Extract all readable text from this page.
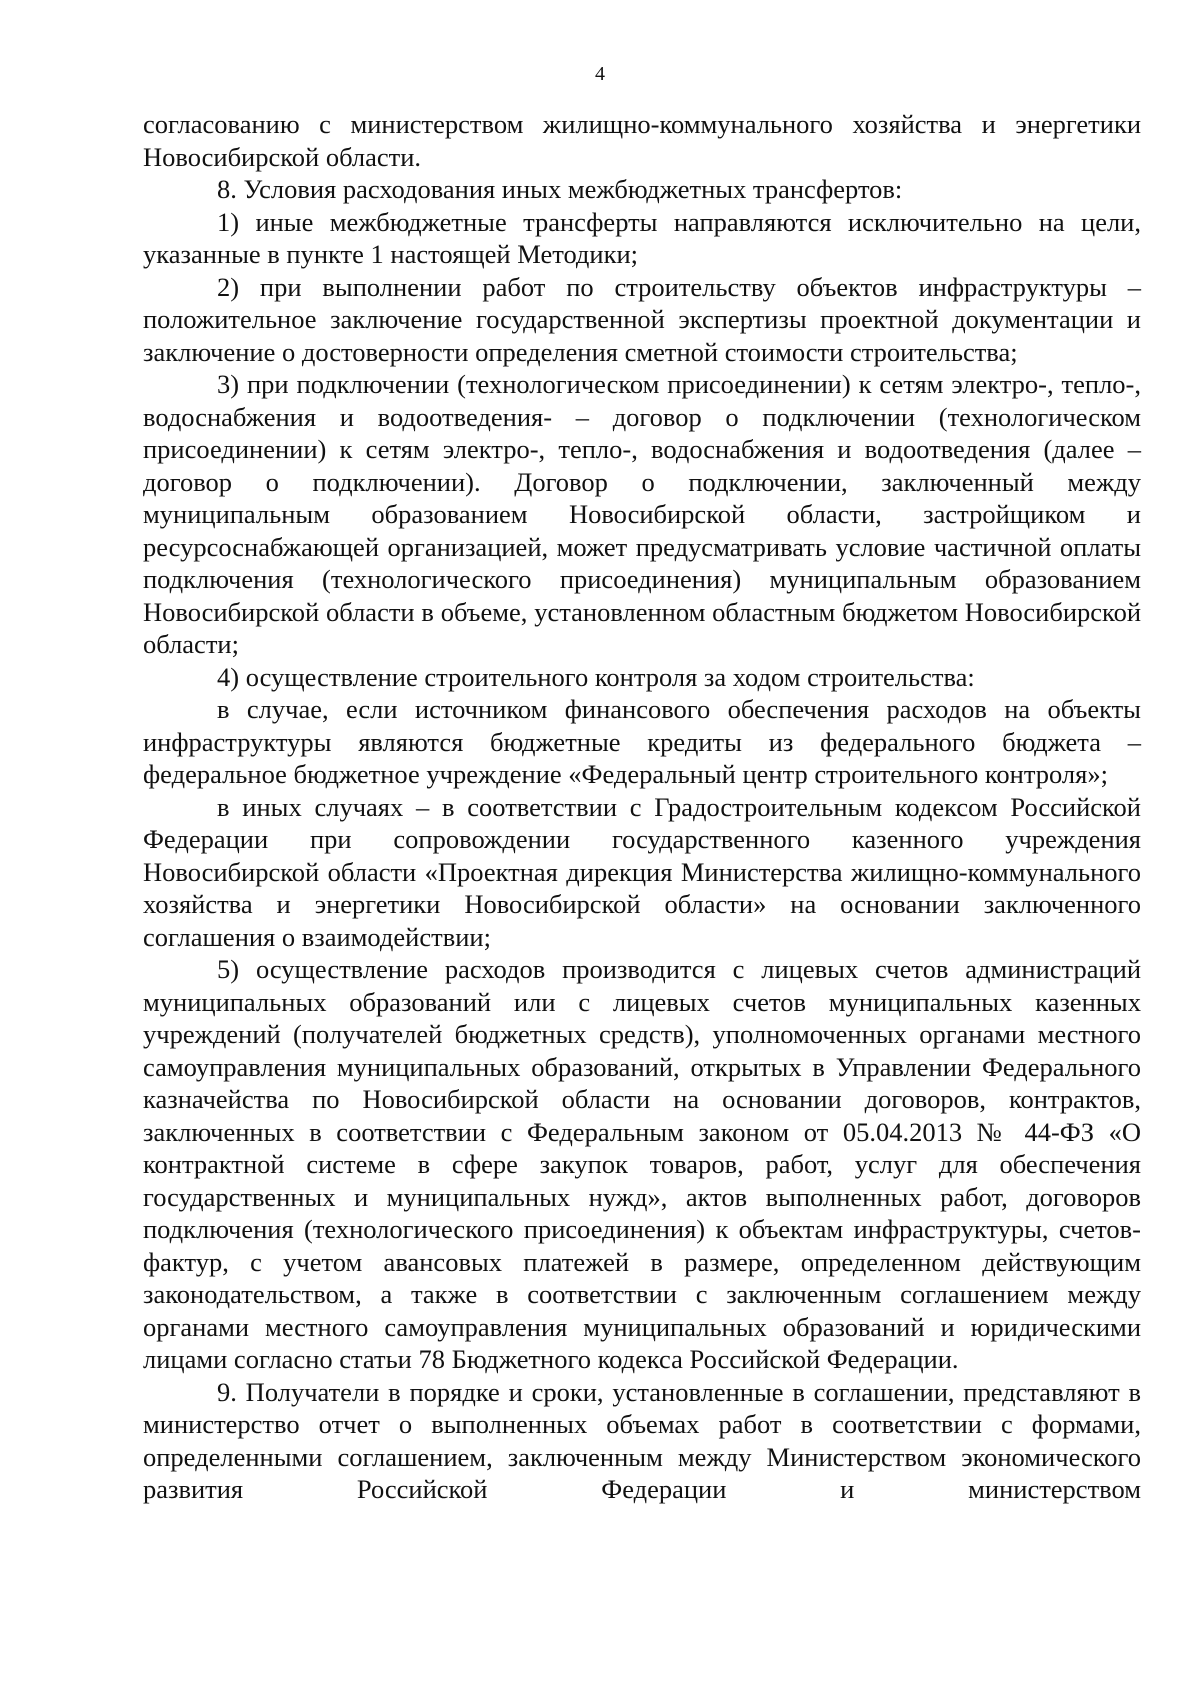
4

согласованию с министерством жилищно-коммунального хозяйства и энергетики Новосибирской области.

8. Условия расходования иных межбюджетных трансфертов:

1) иные межбюджетные трансферты направляются исключительно на цели, указанные в пункте 1 настоящей Методики;

2) при выполнении работ по строительству объектов инфраструктуры – положительное заключение государственной экспертизы проектной документации и заключение о достоверности определения сметной стоимости строительства;

3) при подключении (технологическом присоединении) к сетям электро-, тепло-, водоснабжения и водоотведения- – договор о подключении (технологическом присоединении) к сетям электро-, тепло-, водоснабжения и водоотведения (далее – договор о подключении). Договор о подключении, заключенный между муниципальным образованием Новосибирской области, застройщиком и ресурсоснабжающей организацией, может предусматривать условие частичной оплаты подключения (технологического присоединения) муниципальным образованием Новосибирской области в объеме, установленном областным бюджетом Новосибирской области;

4) осуществление строительного контроля за ходом строительства:

в случае, если источником финансового обеспечения расходов на объекты инфраструктуры являются бюджетные кредиты из федерального бюджета – федеральное бюджетное учреждение «Федеральный центр строительного контроля»;

в иных случаях – в соответствии с Градостроительным кодексом Российской Федерации при сопровождении государственного казенного учреждения Новосибирской области «Проектная дирекция Министерства жилищно-коммунального хозяйства и энергетики Новосибирской области» на основании заключенного соглашения о взаимодействии;

5) осуществление расходов производится с лицевых счетов администраций муниципальных образований или с лицевых счетов муниципальных казенных учреждений (получателей бюджетных средств), уполномоченных органами местного самоуправления муниципальных образований, открытых в Управлении Федерального казначейства по Новосибирской области на основании договоров, контрактов, заключенных в соответствии с Федеральным законом от 05.04.2013 № 44-ФЗ «О контрактной системе в сфере закупок товаров, работ, услуг для обеспечения государственных и муниципальных нужд», актов выполненных работ, договоров подключения (технологического присоединения) к объектам инфраструктуры, счетов-фактур, с учетом авансовых платежей в размере, определенном действующим законодательством, а также в соответствии с заключенным соглашением между органами местного самоуправления муниципальных образований и юридическими лицами согласно статьи 78 Бюджетного кодекса Российской Федерации.

9. Получатели в порядке и сроки, установленные в соглашении, представляют в министерство отчет о выполненных объемах работ в соответствии с формами, определенными соглашением, заключенным между Министерством экономического развития Российской Федерации и министерством
